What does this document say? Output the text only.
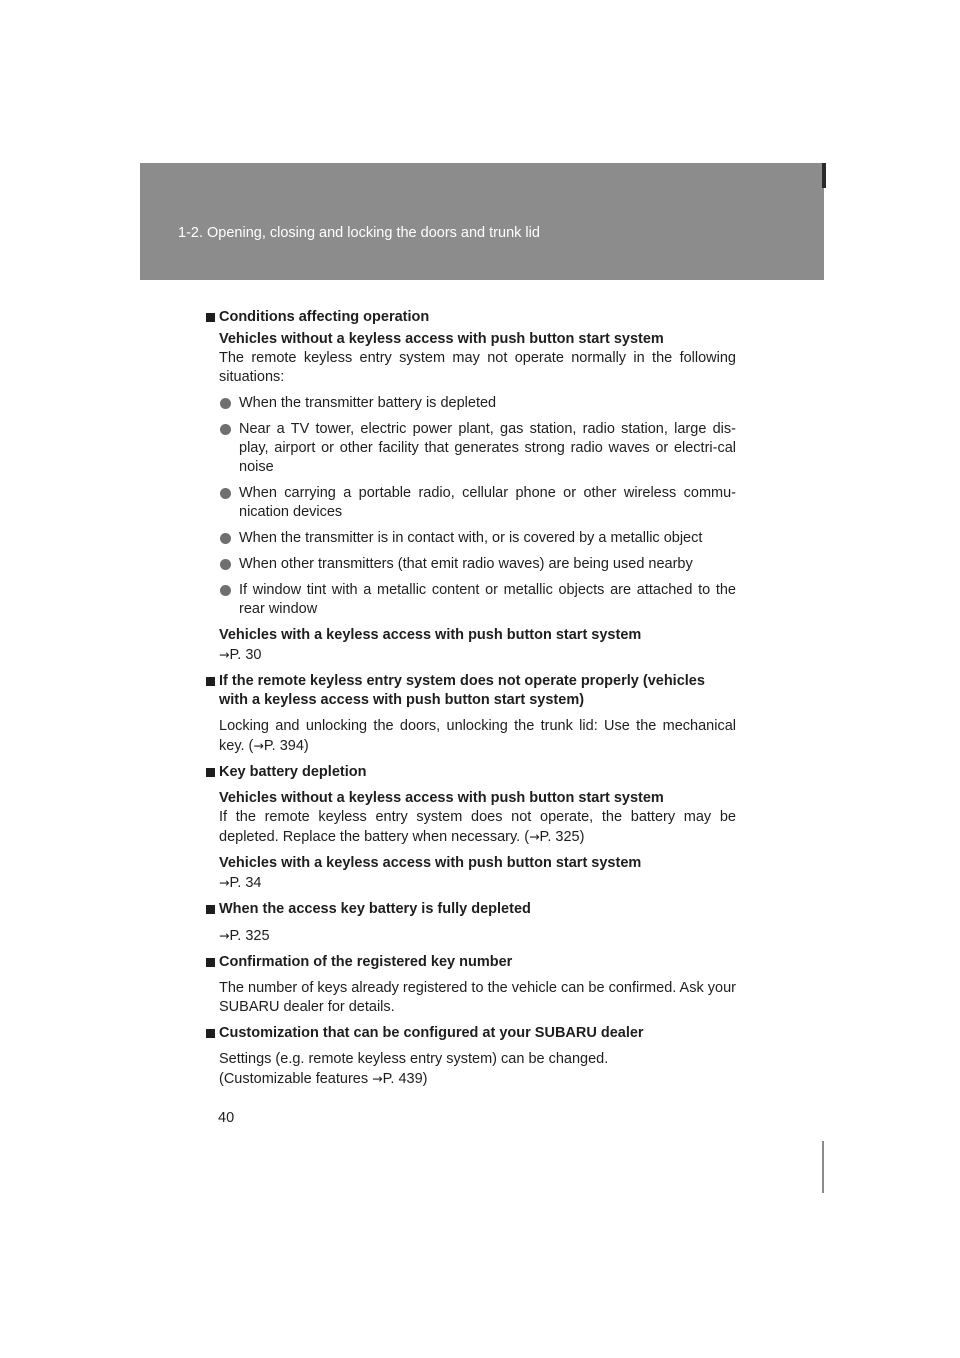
1-2. Opening, closing and locking the doors and trunk lid
Conditions affecting operation
Vehicles without a keyless access with push button start system

The remote keyless entry system may not operate normally in the following situations:

When the transmitter battery is depleted

Near a TV tower, electric power plant, gas station, radio station, large dis-play, airport or other facility that generates strong radio waves or electri-cal noise

When carrying a portable radio, cellular phone or other wireless commu-nication devices

When the transmitter is in contact with, or is covered by a metallic object

When other transmitters (that emit radio waves) are being used nearby

If window tint with a metallic content or metallic objects are attached to the rear window

Vehicles with a keyless access with push button start system

→P. 30

If the remote keyless entry system does not operate properly (vehicles with a keyless access with push button start system)

Locking and unlocking the doors, unlocking the trunk lid: Use the mechanical key. (→P. 394)

Key battery depletion
Vehicles without a keyless access with push button start system

If the remote keyless entry system does not operate, the battery may be depleted. Replace the battery when necessary. (→P. 325)

Vehicles with a keyless access with push button start system

→P. 34

When the access key battery is fully depleted

→P. 325

Confirmation of the registered key number

The number of keys already registered to the vehicle can be confirmed. Ask your SUBARU dealer for details.

Customization that can be configured at your SUBARU dealer

Settings (e.g. remote keyless entry system) can be changed.

(Customizable features →P. 439)

40
